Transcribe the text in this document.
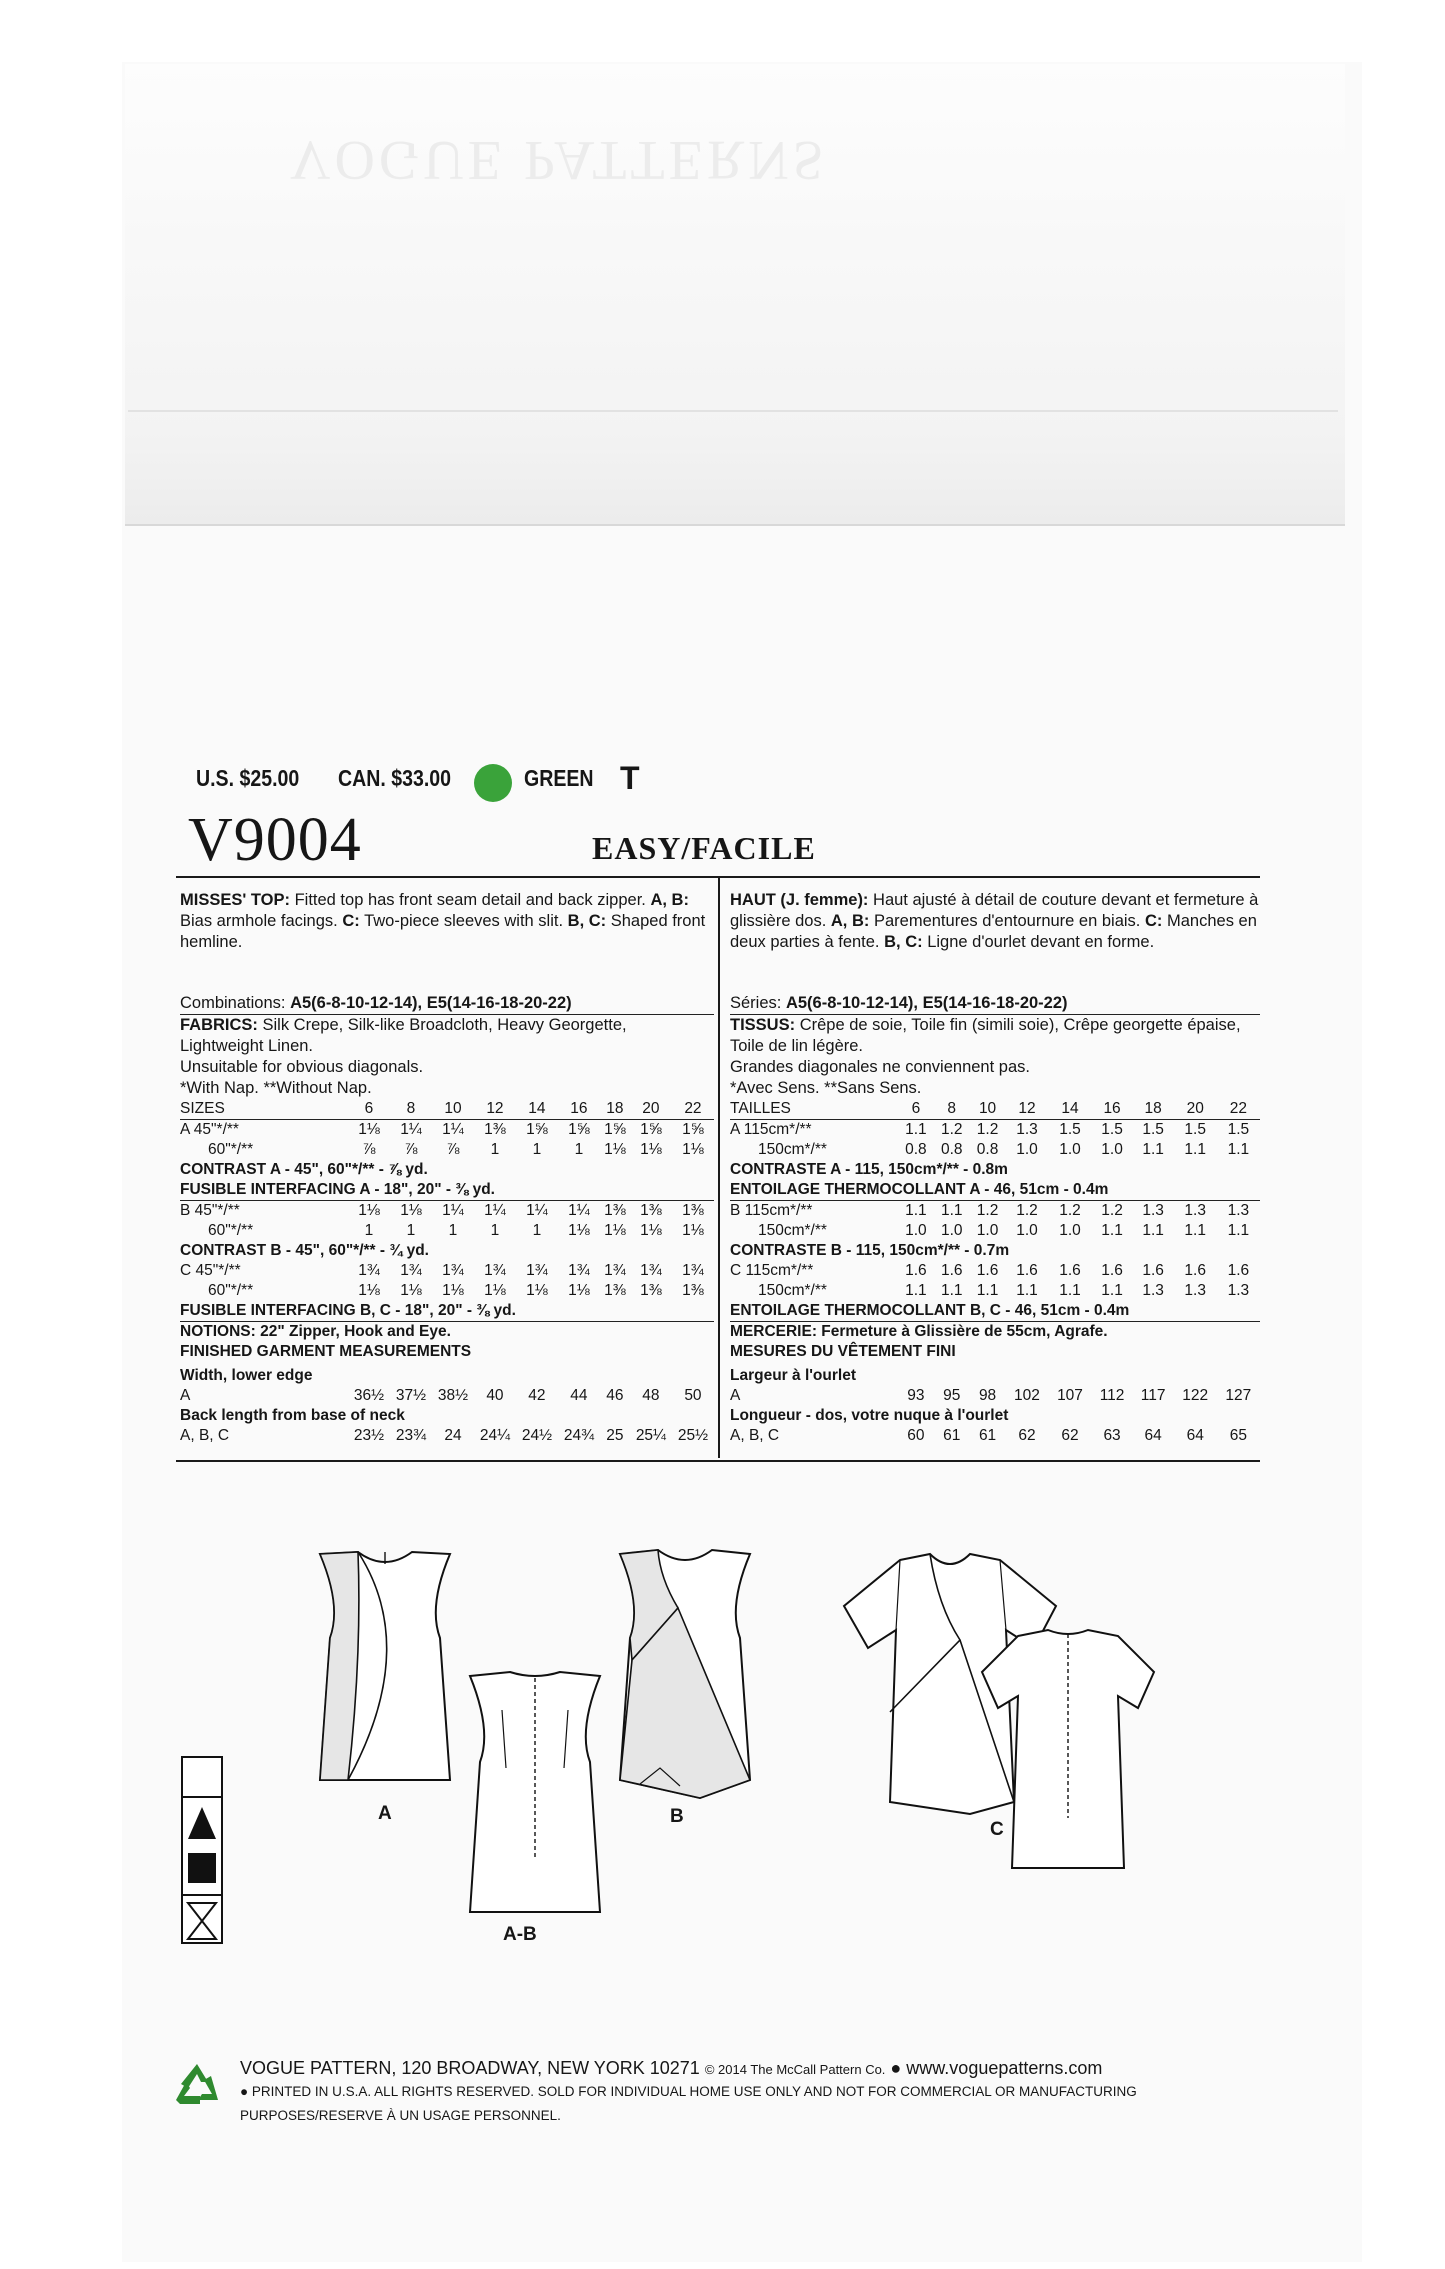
VOGUE PATTERNS
U.S. $25.00 CAN. $33.00	GREEN T
V9004	EASY/FACILE
MISSES' TOP: Fitted top has front seam detail and back zipper. A, B: Bias armhole facings. C: Two-piece sleeves with slit. B, C: Shaped front hemline.
Combinations: A5(6-8-10-12-14), E5(14-16-18-20-22)
FABRICS: Silk Crepe, Silk-like Broadcloth, Heavy Georgette, Lightweight Linen.
Unsuitable for obvious diagonals.
*With Nap. **Without Nap.
SIZES	6	8	10	12	14	16	18	20	22
A 45"*/**	1⅛	1¼	1¼	1⅜	1⅝	1⅝	1⅝	1⅝	1⅝
60"*/**	⅞	⅞	⅞	1	1	1	1⅛	1⅛	1⅛
CONTRAST A - 45", 60"*/** - ⅞ yd.									
FUSIBLE INTERFACING A - 18", 20" - ⅜ yd.									
B 45"*/**	1⅛	1⅛	1¼	1¼	1¼	1¼	1⅜	1⅜	1⅜
60"*/**	1	1	1	1	1	1⅛	1⅛	1⅛	1⅛
CONTRAST B - 45", 60"*/** - ¾ yd.									
C 45"*/**	1¾	1¾	1¾	1¾	1¾	1¾	1¾	1¾	1¾
60"*/**	1⅛	1⅛	1⅛	1⅛	1⅛	1⅛	1⅜	1⅜	1⅜
FUSIBLE INTERFACING B, C - 18", 20" - ⅜ yd.									
NOTIONS: 22" Zipper, Hook and Eye.									
FINISHED GARMENT MEASUREMENTS									
Width, lower edge									
A	36½	37½	38½	40	42	44	46	48	50
Back length from base of neck									
A, B, C	23½	23¾	24	24¼	24½	24¾	25	25¼	25½
HAUT (J. femme): Haut ajusté à détail de couture devant et fermeture à glissière dos. A, B: Parementures d'entournure en biais. C: Manches en deux parties à fente. B, C: Ligne d'ourlet devant en forme.
Séries: A5(6-8-10-12-14), E5(14-16-18-20-22)
TISSUS: Crêpe de soie, Toile fin (simili soie), Crêpe georgette épaise, Toile de lin légère.
Grandes diagonales ne conviennent pas.
*Avec Sens. **Sans Sens.
TAILLES	6	8	10	12	14	16	18	20	22
A 115cm*/**	1.1	1.2	1.2	1.3	1.5	1.5	1.5	1.5	1.5
150cm*/**	0.8	0.8	0.8	1.0	1.0	1.0	1.1	1.1	1.1
CONTRASTE A - 115, 150cm*/** - 0.8m									
ENTOILAGE THERMOCOLLANT A - 46, 51cm - 0.4m									
B 115cm*/**	1.1	1.1	1.2	1.2	1.2	1.2	1.3	1.3	1.3
150cm*/**	1.0	1.0	1.0	1.0	1.0	1.1	1.1	1.1	1.1
CONTRASTE B - 115, 150cm*/** - 0.7m									
C 115cm*/**	1.6	1.6	1.6	1.6	1.6	1.6	1.6	1.6	1.6
150cm*/**	1.1	1.1	1.1	1.1	1.1	1.1	1.3	1.3	1.3
ENTOILAGE THERMOCOLLANT B, C - 46, 51cm - 0.4m									
MERCERIE: Fermeture à Glissière de 55cm, Agrafe.									
MESURES DU VÊTEMENT FINI									
Largeur à l'ourlet									
A	93	95	98	102	107	112	117	122	127
Longueur - dos, votre nuque à l'ourlet									
A, B, C	60	61	61	62	62	63	64	64	65
A
A-B
B
C
VOGUE PATTERN, 120 BROADWAY, NEW YORK 10271 © 2014 The McCall Pattern Co. ● www.voguepatterns.com
● PRINTED IN U.S.A. ALL RIGHTS RESERVED. SOLD FOR INDIVIDUAL HOME USE ONLY AND NOT FOR COMMERCIAL OR MANUFACTURING
PURPOSES/RESERVE À UN USAGE PERSONNEL.
